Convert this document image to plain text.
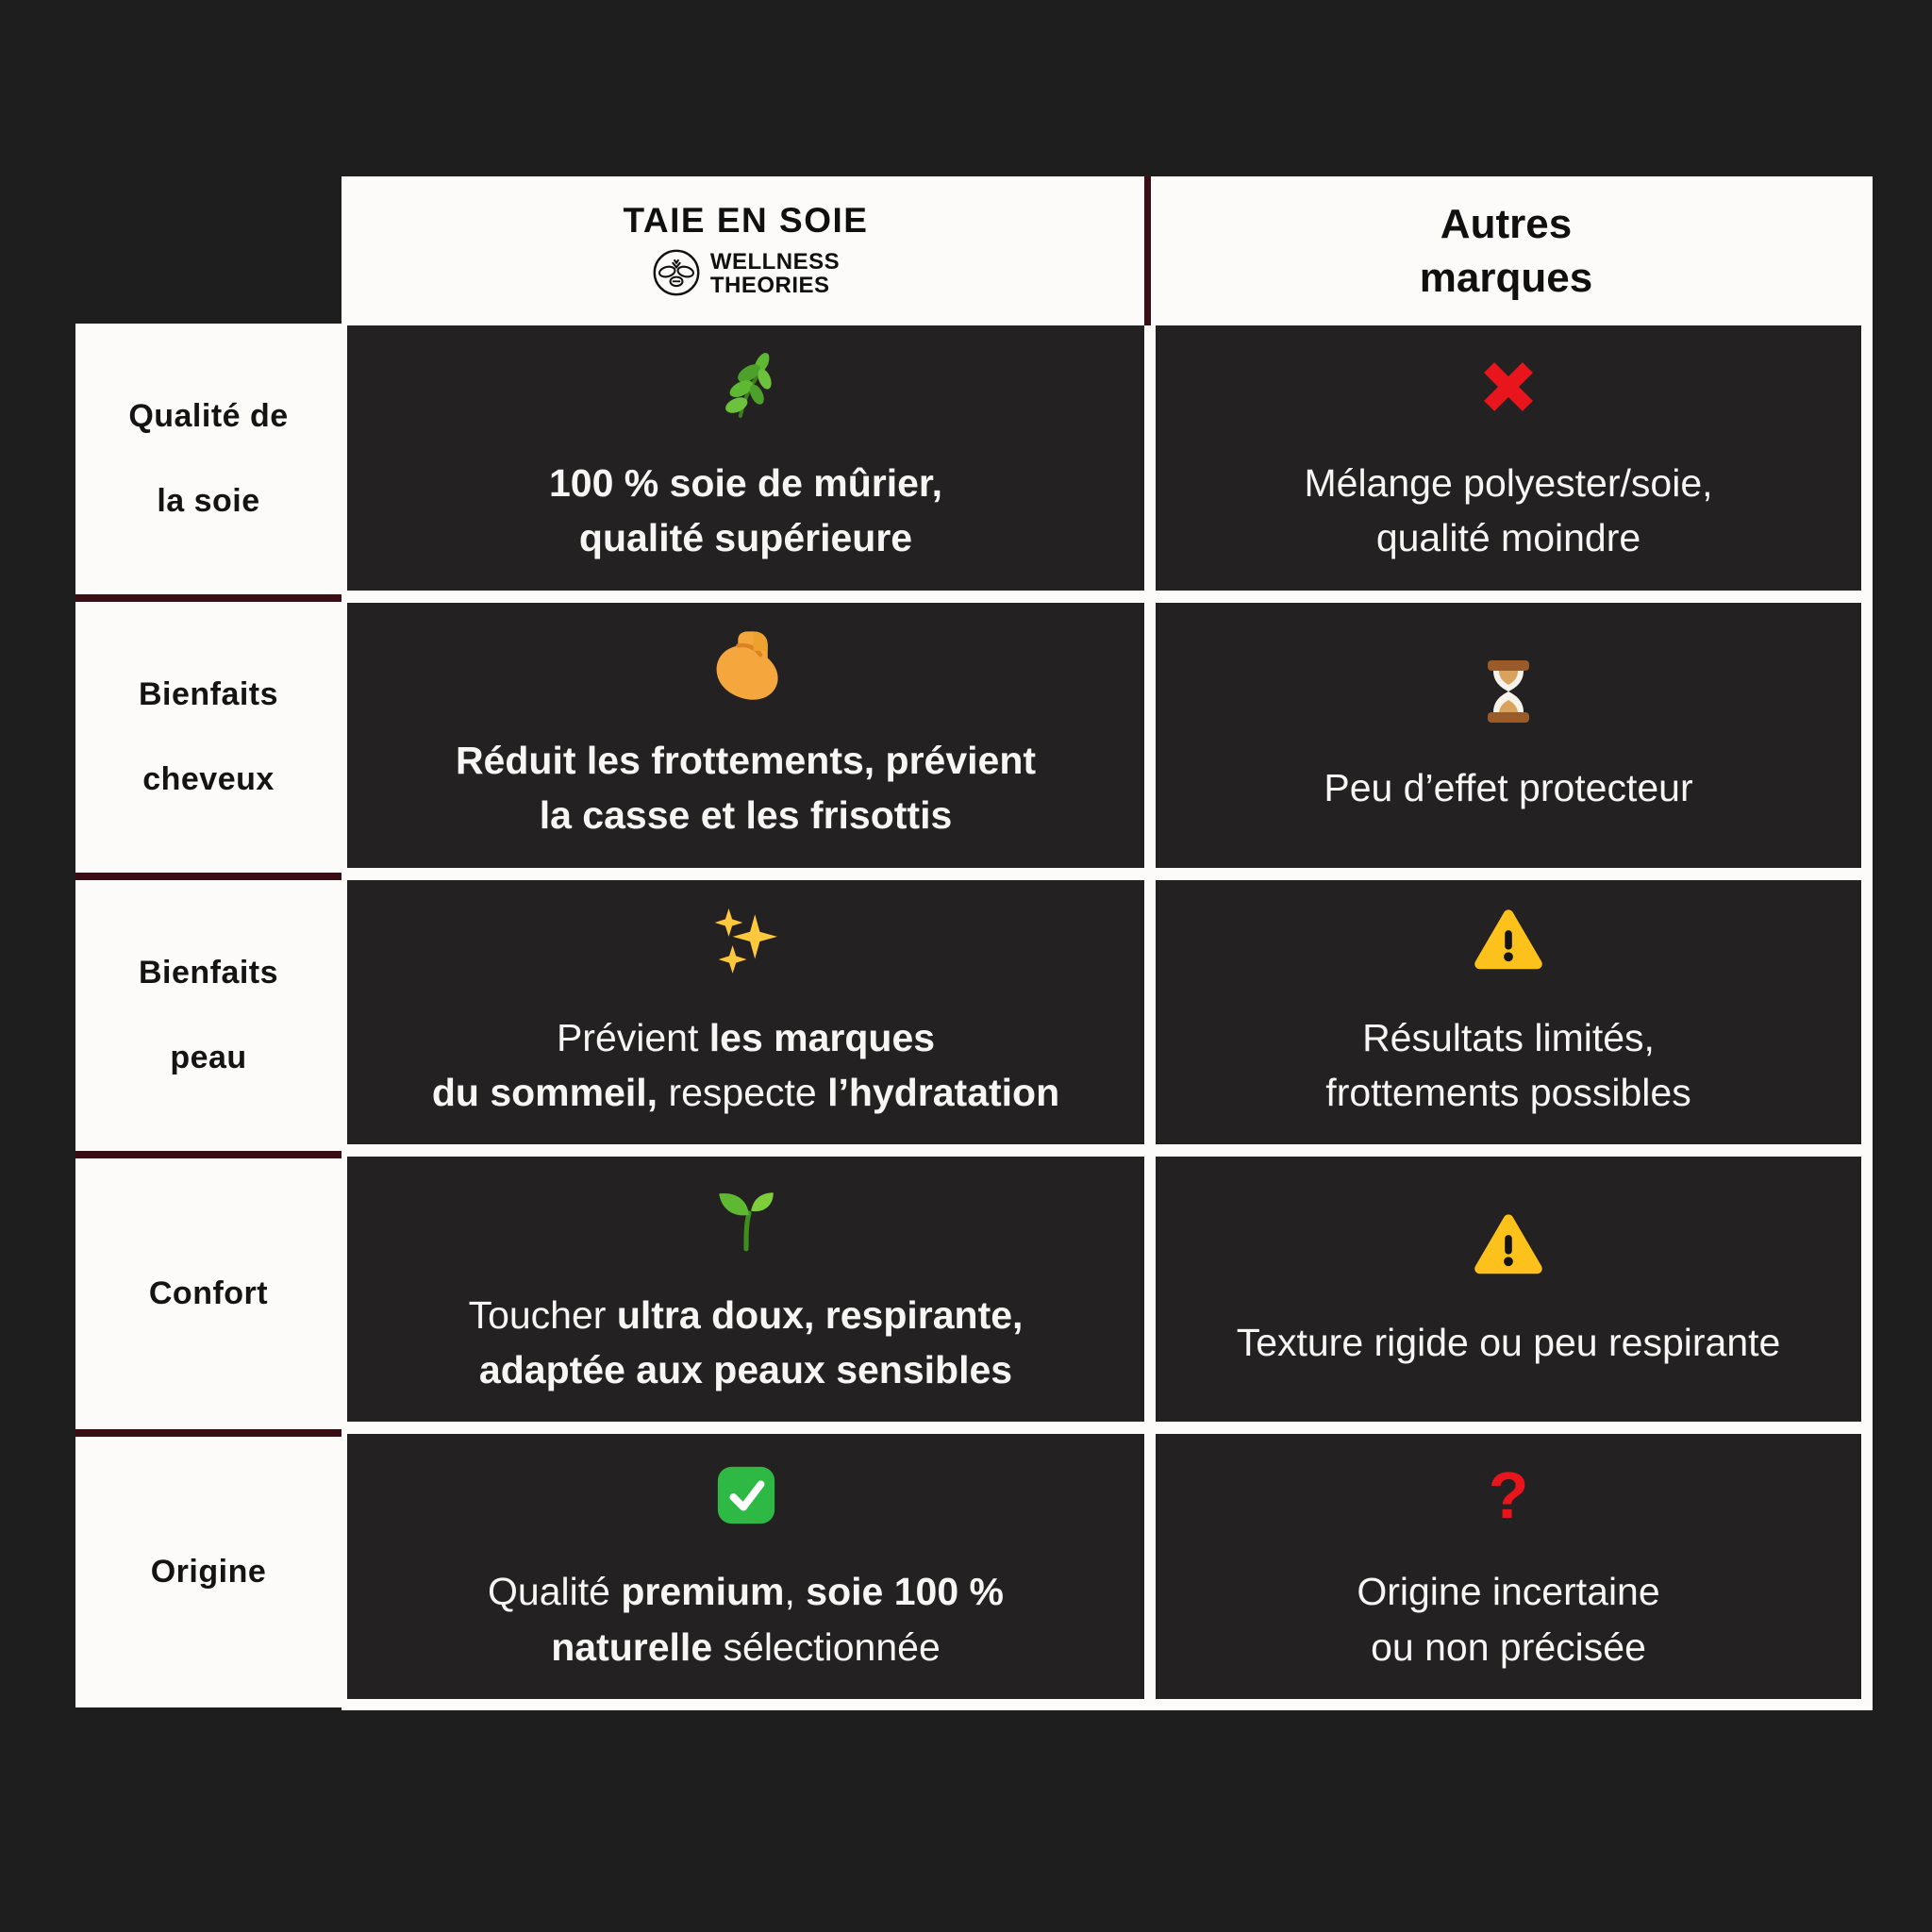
Qualité de

la soie
Bienfaits

cheveux
Bienfaits

peau
Confort
Origine
TAIE EN SOIE
WELLNESS
THEORIES
Autres
marques
100 % soie de mûrier,
qualité supérieure
Mélange polyester/soie,
qualité moindre
Réduit les frottements, prévient
la casse et les frisottis
Peu d’effet protecteur
Prévient les marques
du sommeil, respecte l’hydratation
Résultats limités,
frottements possibles
Toucher ultra doux, respirante,
adaptée aux peaux sensibles
Texture rigide ou peu respirante
Qualité premium, soie 100 %
naturelle sélectionnée
?
Origine incertaine
ou non précisée
